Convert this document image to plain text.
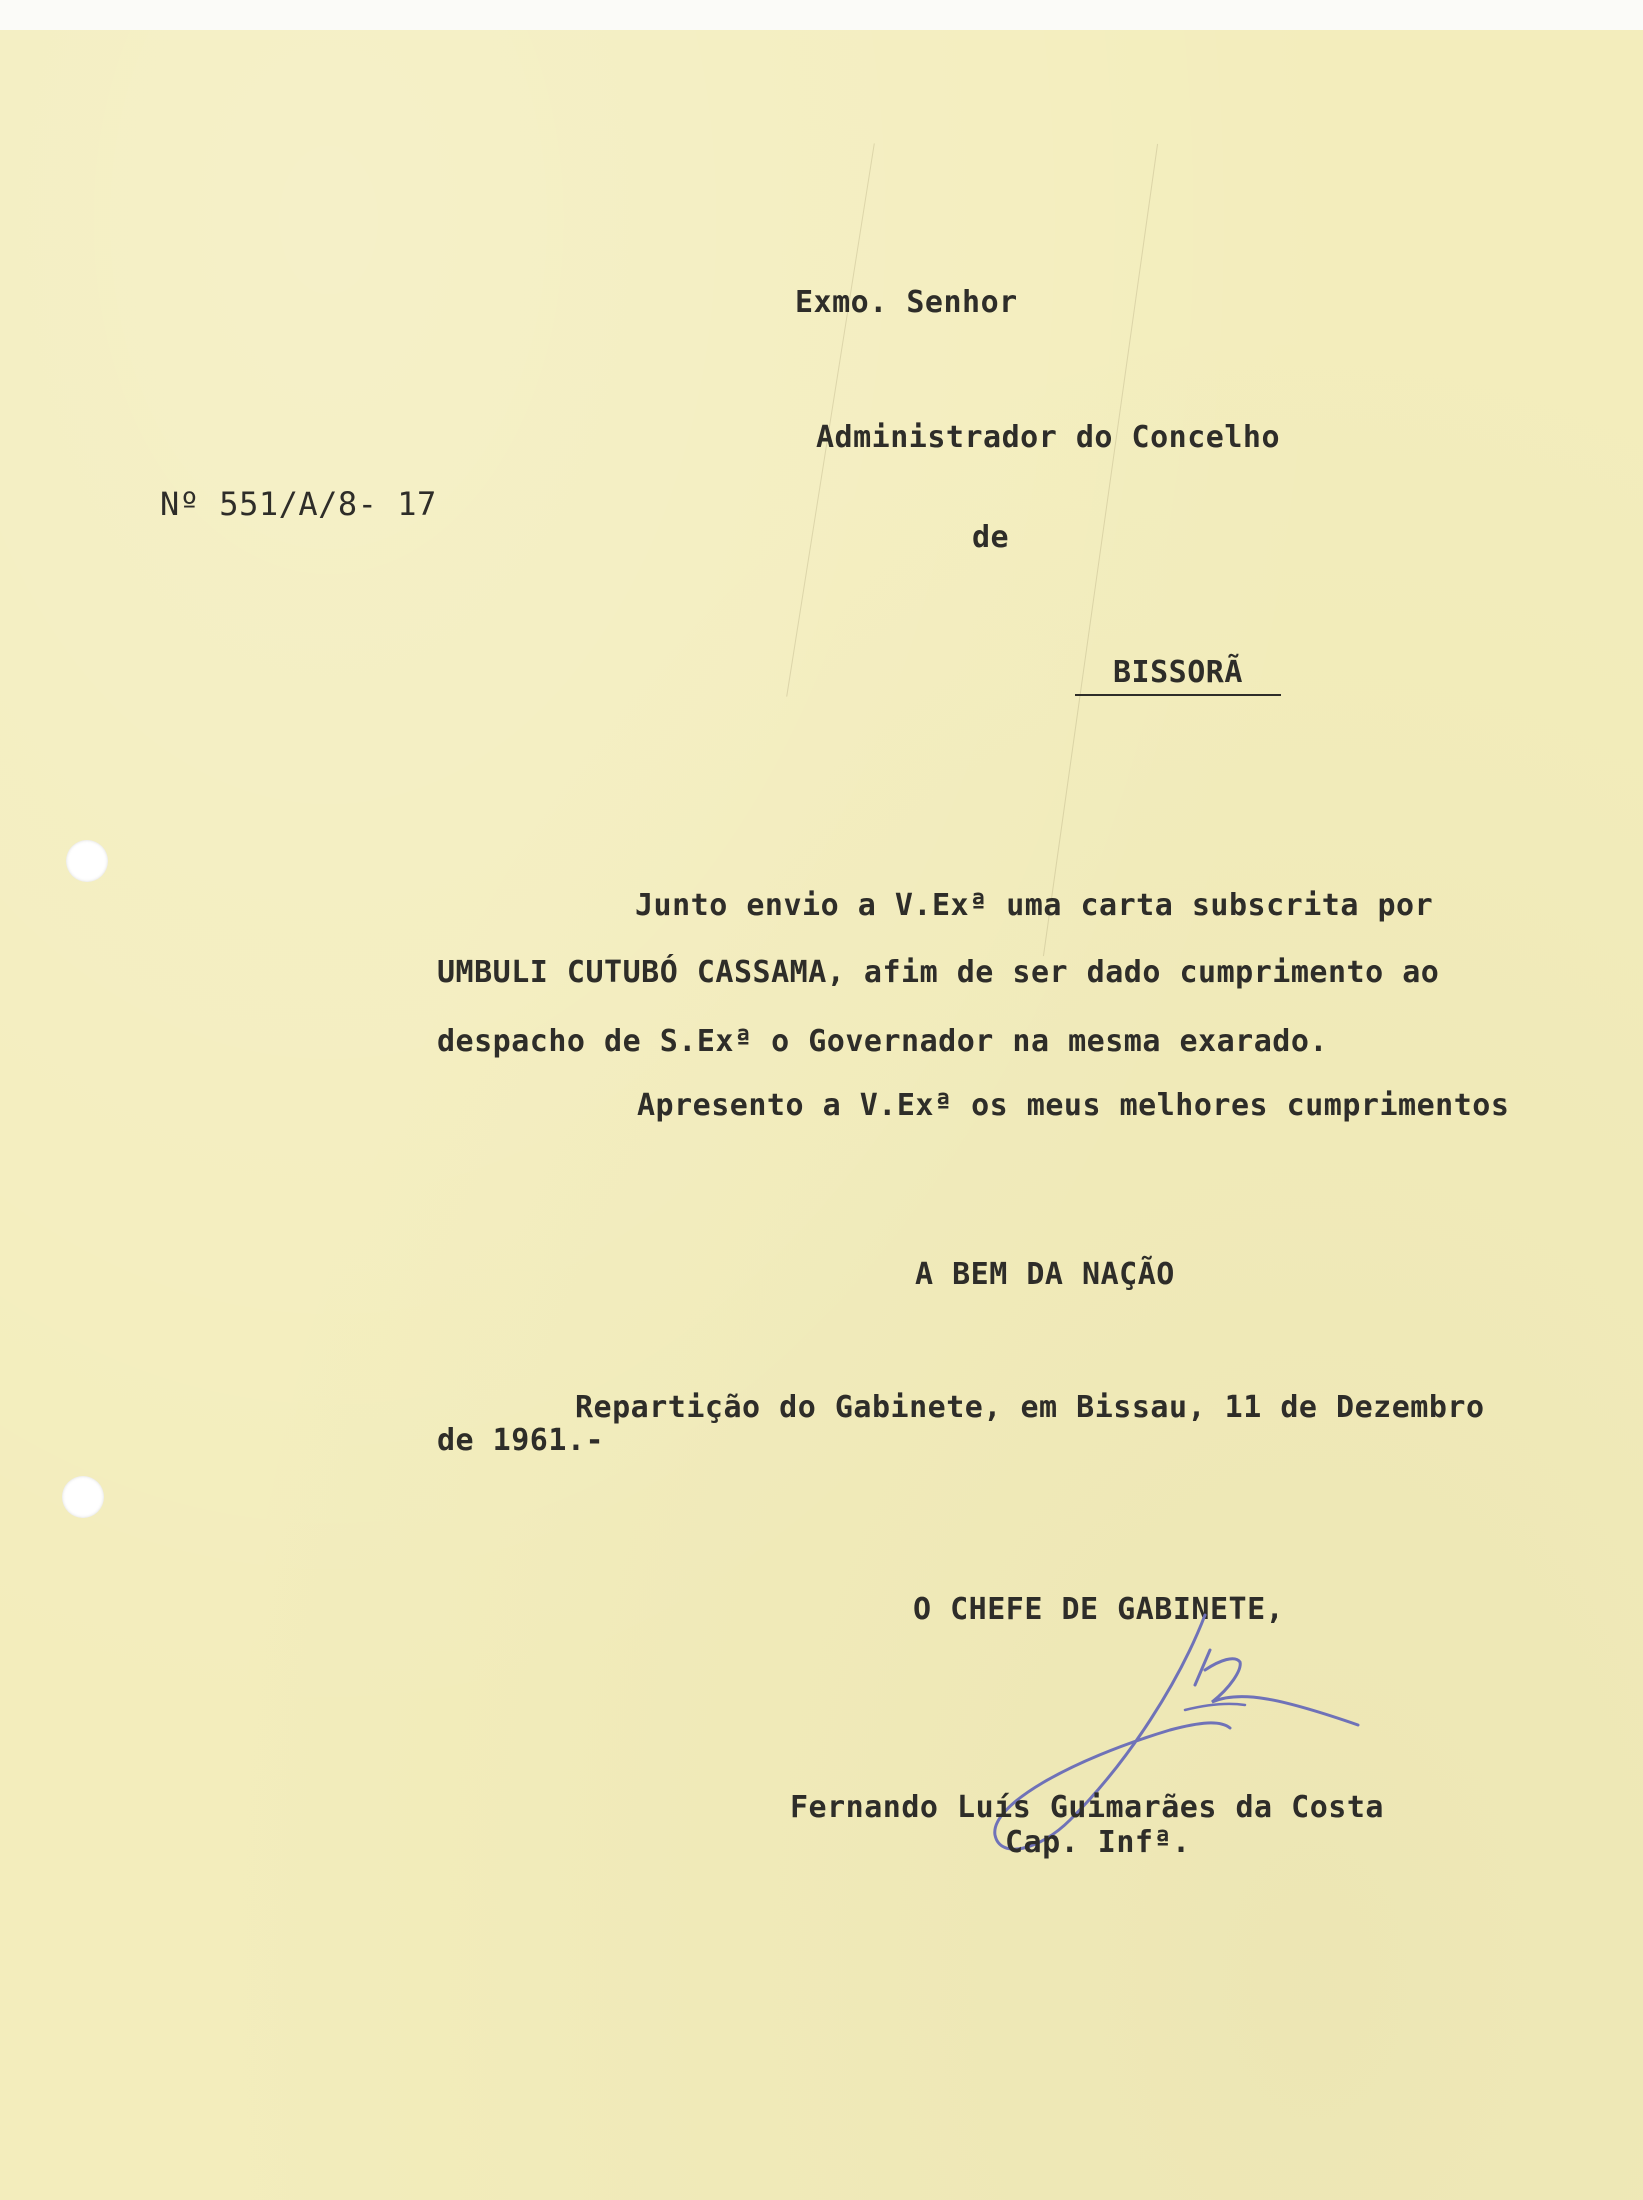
Exmo. Senhor
Administrador do Concelho
Nº 551/A/8- 17
de
BISSORÃ
Junto envio a V.Exª uma carta subscrita por
UMBULI CUTUBÓ CASSAMA, afim de ser dado cumprimento ao
despacho de S.Exª o Governador na mesma exarado.
Apresento a V.Exª os meus melhores cumprimentos
A BEM DA NAÇÃO
Repartição do Gabinete, em Bissau, 11 de Dezembro
de 1961.-
O CHEFE DE GABINETE,
Fernando Luís Guimarães da Costa
Cap. Infª.
